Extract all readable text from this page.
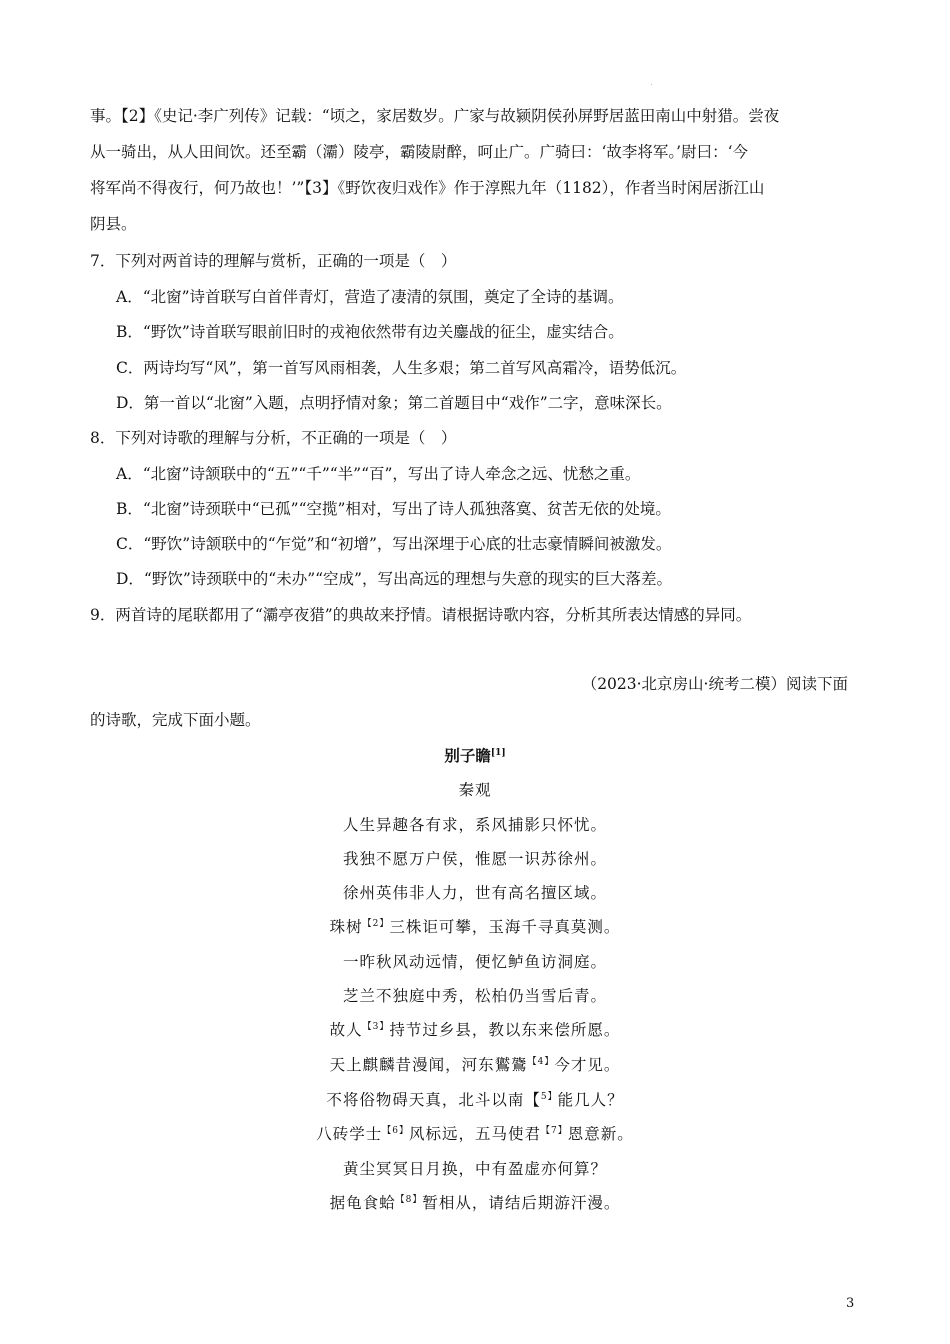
事。【2】《史记·李广列传》记载：“顷之，家居数岁。广家与故颍阴侯孙屏野居蓝田南山中射猎。尝夜
从一骑出，从人田间饮。还至霸（灞）陵亭，霸陵尉醉，呵止广。广骑曰：‘故李将军。’尉曰：‘今
将军尚不得夜行，何乃故也！’”【3】《野饮夜归戏作》作于淳熙九年（1182），作者当时闲居浙江山
阴县。
7．下列对两首诗的理解与赏析，正确的一项是（　）
A．“北窗”诗首联写白首伴青灯，营造了凄清的氛围，奠定了全诗的基调。
B．“野饮”诗首联写眼前旧时的戎袍依然带有边关鏖战的征尘，虚实结合。
C．两诗均写“风”，第一首写风雨相袭，人生多艰；第二首写风高霜冷，语势低沉。
D．第一首以“北窗”入题，点明抒情对象；第二首题目中“戏作”二字，意味深长。
8．下列对诗歌的理解与分析，不正确的一项是（　）
A．“北窗”诗颔联中的“五”“千”“半”“百”，写出了诗人牵念之远、忧愁之重。
B．“北窗”诗颈联中“已孤”“空揽”相对，写出了诗人孤独落寞、贫苦无依的处境。
C．“野饮”诗颔联中的“乍觉”和“初增”，写出深埋于心底的壮志豪情瞬间被激发。
D．“野饮”诗颈联中的“未办”“空成”，写出高远的理想与失意的现实的巨大落差。
9．两首诗的尾联都用了“灞亭夜猎”的典故来抒情。请根据诗歌内容，分析其所表达情感的异同。
（2023·北京房山·统考二模）阅读下面
的诗歌，完成下面小题。
别子瞻[1]
秦观
人生异趣各有求，系风捕影只怀忧。
我独不愿万户侯，惟愿一识苏徐州。
徐州英伟非人力，世有高名擅区域。
珠树$^{【2】}$三株讵可攀，玉海千寻真莫测。
一昨秋风动远情，便忆鲈鱼访洞庭。
芝兰不独庭中秀，松柏仍当雪后青。
故人$^{【3】}$持节过乡县，教以东来偿所愿。
天上麒麟昔漫闻，河东鸑鷟$^{【4】}$今才见。
不将俗物碍天真，北斗以南【$^{5】}$能几人？
八砖学士$^{【6】}$风标远，五马使君$^{【7】}$恩意新。
黄尘冥冥日月换，中有盈虚亦何算？
据龟食蛤$^{【8】}$暂相从，请结后期游汗漫。
3
